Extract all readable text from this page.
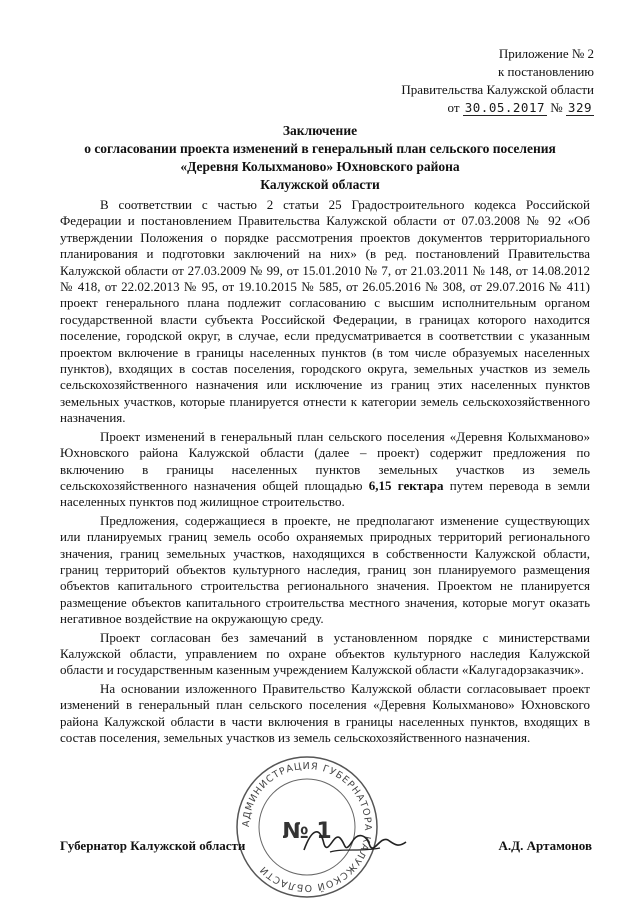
Приложение № 2
к постановлению
Правительства Калужской области
от 30.05.2017 № 329
Заключение
о согласовании проекта изменений в генеральный план сельского поселения
«Деревня Колыхманово» Юхновского района
Калужской области

В соответствии с частью 2 статьи 25 Градостроительного кодекса Российской Федерации и постановлением Правительства Калужской области от 07.03.2008 № 92 «Об утверждении Положения о порядке рассмотрения проектов документов территориального планирования и подготовки заключений на них» (в ред. постановлений Правительства Калужской области от 27.03.2009 № 99, от 15.01.2010 № 7, от 21.03.2011 № 148, от 14.08.2012 № 418, от 22.02.2013 № 95, от 19.10.2015 № 585, от 26.05.2016 № 308, от 29.07.2016 № 411) проект генерального плана подлежит согласованию с высшим исполнительным органом государственной власти субъекта Российской Федерации, в границах которого находится поселение, городской округ, в случае, если предусматривается в соответствии с указанным проектом включение в границы населенных пунктов (в том числе образуемых населенных пунктов), входящих в состав поселения, городского округа, земельных участков из земель сельскохозяйственного назначения или исключение из границ этих населенных пунктов земельных участков, которые планируется отнести к категории земель сельскохозяйственного назначения.

Проект изменений в генеральный план сельского поселения «Деревня Колыхманово» Юхновского района Калужской области (далее – проект) содержит предложения по включению в границы населенных пунктов земельных участков из земель сельскохозяйственного назначения общей площадью 6,15 гектара путем перевода в земли населенных пунктов под жилищное строительство.

Предложения, содержащиеся в проекте, не предполагают изменение существующих или планируемых границ земель особо охраняемых природных территорий регионального значения, границ земельных участков, находящихся в собственности Калужской области, границ территорий объектов культурного наследия, границ зон планируемого размещения объектов капитального строительства регионального значения. Проектом не планируется размещение объектов капитального строительства местного значения, которые могут оказать негативное воздействие на окружающую среду.

Проект согласован без замечаний в установленном порядке с министерствами Калужской области, управлением по охране объектов культурного наследия Калужской области и государственным казенным учреждением Калужской области «Калугадорзаказчик».

На основании изложенного Правительство Калужской области согласовывает проект изменений в генеральный план сельского поселения «Деревня Колыхманово» Юхновского района Калужской области в части включения в границы населенных пунктов, входящих в состав поселения, земельных участков из земель сельскохозяйственного назначения.

АДМИНИСТРАЦИЯ ГУБЕРНАТОРА КАЛУЖСКОЙ ОБЛАСТИ
№ 1
Губернатор Калужской области	А.Д. Артамонов
